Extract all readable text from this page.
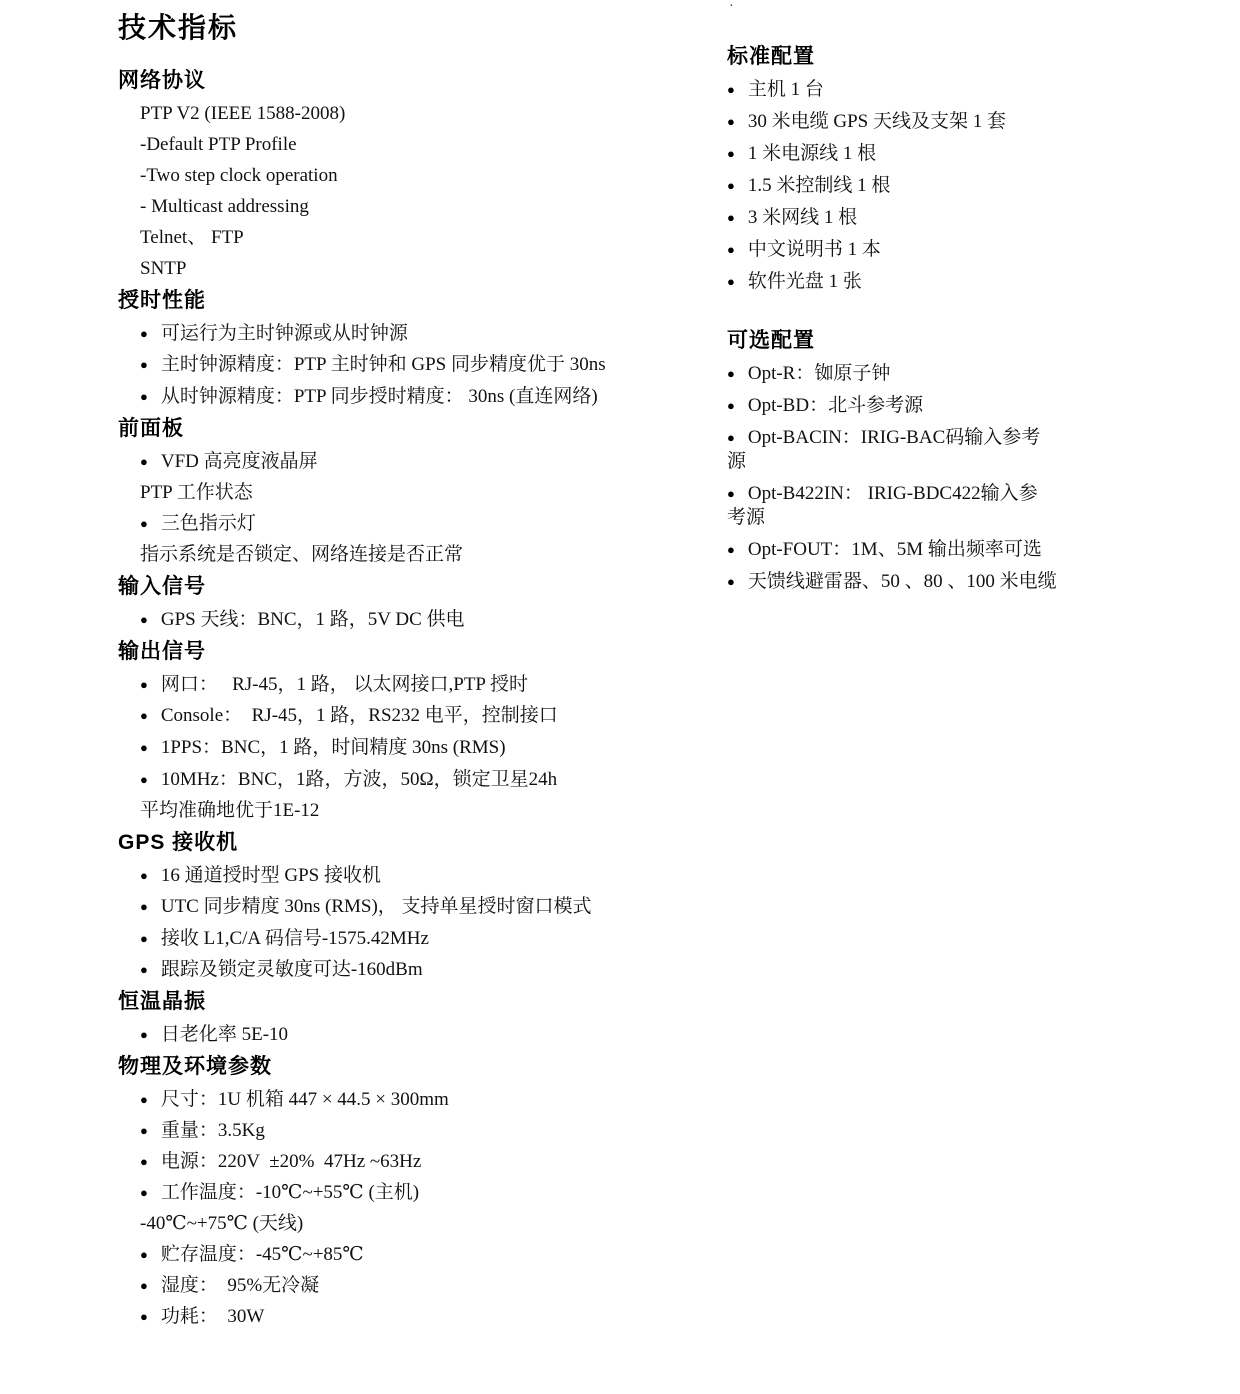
·
技术指标
网络协议
PTP V2 (IEEE 1588-2008)
-Default PTP Profile
-Two step clock operation
- Multicast addressing
Telnet、 FTP
SNTP
授时性能
● 可运行为主时钟源或从时钟源
● 主时钟源精度：PTP 主时钟和 GPS 同步精度优于 30ns
● 从时钟源精度：PTP 同步授时精度： 30ns (直连网络)
前面板
● VFD 高亮度液晶屏
PTP 工作状态
● 三色指示灯
指示系统是否锁定、网络连接是否正常
输入信号
● GPS 天线：BNC，1 路，5V DC 供电
输出信号
● 网口：   RJ-45，1 路， 以太网接口,PTP 授时
● Console：  RJ-45，1 路，RS232 电平，控制接口
● 1PPS：BNC，1 路，时间精度 30ns (RMS)
● 10MHz：BNC，1路，方波，50Ω，锁定卫星24h
平均准确地优于1E-12
GPS 接收机
● 16 通道授时型 GPS 接收机
● UTC 同步精度 30ns (RMS)， 支持单星授时窗口模式
● 接收 L1,C/A 码信号-1575.42MHz
● 跟踪及锁定灵敏度可达-160dBm
恒温晶振
● 日老化率 5E-10
物理及环境参数
● 尺寸：1U 机箱 447 × 44.5 × 300mm
● 重量：3.5Kg
● 电源：220V  ±20%  47Hz ~63Hz
● 工作温度：-10℃~+55℃ (主机)
-40℃~+75℃ (天线)
● 贮存温度：-45℃~+85℃
● 湿度：  95%无冷凝
● 功耗：  30W
标准配置
● 主机 1 台
● 30 米电缆 GPS 天线及支架 1 套
● 1 米电源线 1 根
● 1.5 米控制线 1 根
● 3 米网线 1 根
● 中文说明书 1 本
● 软件光盘 1 张
可选配置
● Opt-R：铷原子钟
● Opt-BD：北斗参考源
● Opt-BACIN：IRIG-BAC码输入参考
源
● Opt-B422IN： IRIG-BDC422输入参
考源
● Opt-FOUT：1M、5M 输出频率可选
● 天馈线避雷器、50 、80 、100 米电缆
